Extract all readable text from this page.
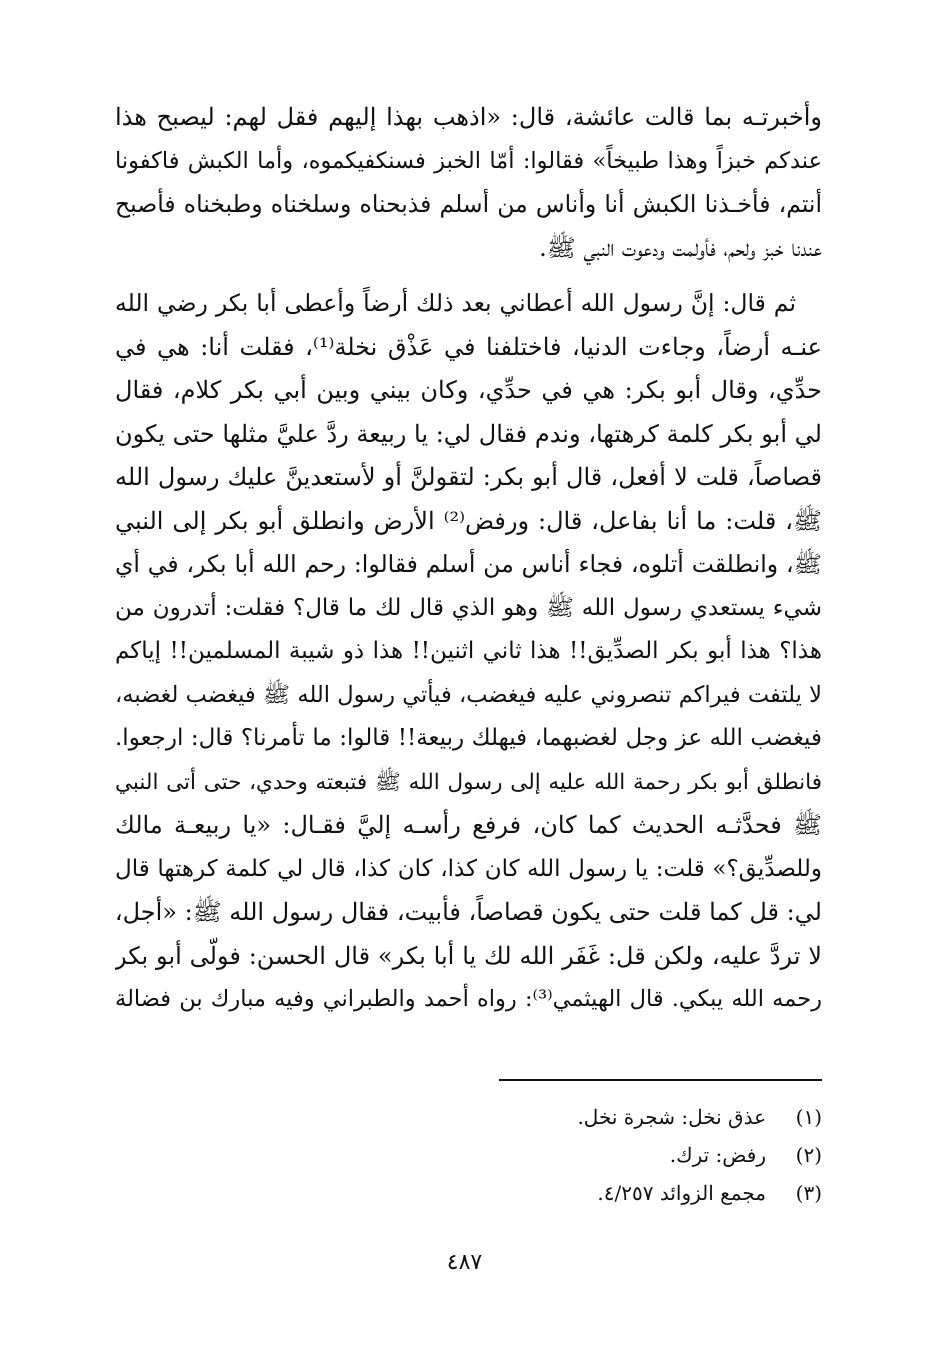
وأخبرتـه بما قالت عائشة، قال: «اذهب بهذا إليهم فقل لهم: ليصبح هذا
عندكم خبزاً وهذا طبيخاً» فقالوا: أمّا الخبز فسنكفيكموه، وأما الكبش فاكفونا
أنتم، فأخـذنا الكبش أنا وأناس من أسلم فذبحناه وسلخناه وطبخناه فأصبح
عندنا خبز ولحم، فأولمت ودعوت النبي ﷺ.
ثم قال: إنَّ رسول الله أعطاني بعد ذلك أرضاً وأعطى أبا بكر رضي الله
عنـه أرضاً، وجاءت الدنيا، فاختلفنا في عَذْق نخلة⁽¹⁾، فقلت أنا: هي في
حدِّي، وقال أبو بكر: هي في حدِّي، وكان بيني وبين أبي بكر كلام، فقال
لي أبو بكر كلمة كرهتها، وندم فقال لي: يا ربيعة ردَّ عليَّ مثلها حتى يكون
قصاصاً، قلت لا أفعل، قال أبو بكر: لتقولنَّ أو لأستعدينَّ عليك رسول الله
ﷺ، قلت: ما أنا بفاعل، قال: ورفض⁽²⁾ الأرض وانطلق أبو بكر إلى النبي
ﷺ، وانطلقت أتلوه، فجاء أناس من أسلم فقالوا: رحم الله أبا بكر، في أي
شيء يستعدي رسول الله ﷺ وهو الذي قال لك ما قال؟ فقلت: أتدرون من
هذا؟ هذا أبو بكر الصدِّيق!! هذا ثاني اثنين!! هذا ذو شيبة المسلمين!! إياكم
لا يلتفت فيراكم تنصروني عليه فيغضب، فيأتي رسول الله ﷺ فيغضب لغضبه،
فيغضب الله عز وجل لغضبهما، فيهلك ربيعة!! قالوا: ما تأمرنا؟ قال: ارجعوا.
فانطلق أبو بكر رحمة الله عليه إلى رسول الله ﷺ فتبعته وحدي، حتى أتى النبي
ﷺ فحدَّثـه الحديث كما كان، فرفع رأسـه إليَّ فقـال: «يا ربيعـة مالك
وللصدِّيق؟» قلت: يا رسول الله كان كذا، كان كذا، قال لي كلمة كرهتها قال
لي: قل كما قلت حتى يكون قصاصاً، فأبيت، فقال رسول الله ﷺ: «أجل،
لا تردَّ عليه، ولكن قل: غَفَر الله لك يا أبا بكر» قال الحسن: فولّى أبو بكر
رحمه الله يبكي. قال الهيثمي⁽³⁾: رواه أحمد والطبراني وفيه مبارك بن فضالة
(١)عذق نخل: شجرة نخل.
(٢)رفض: ترك.
(٣)مجمع الزوائد ٤/٢٥٧.
٤٨٧
